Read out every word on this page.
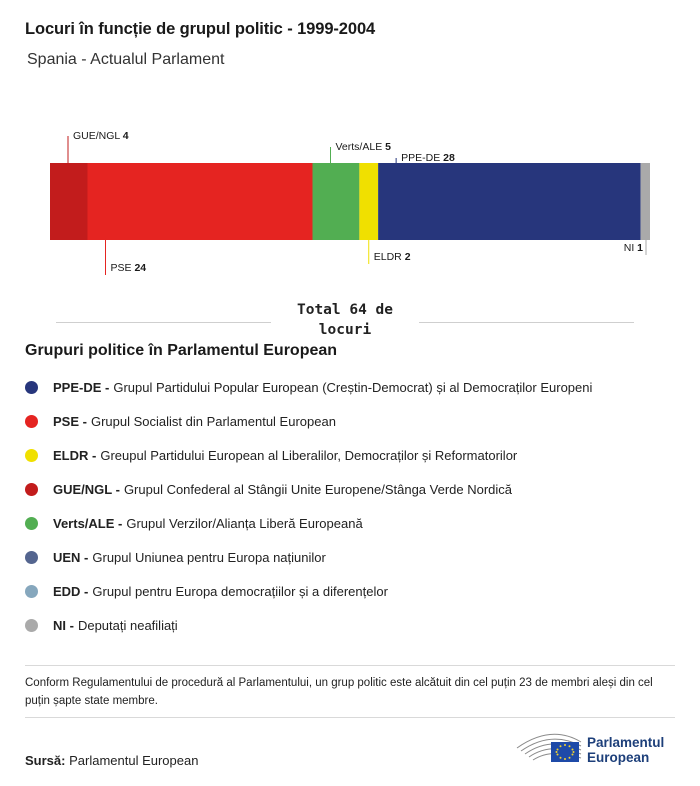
Locuri în funcție de grupul politic - 1999-2004
Spania - Actualul Parlament
GUE/NGL 4
PSE 24
Verts/ALE 5
ELDR 2
PPE-DE 28
NI 1
Total 64 de locuri
Grupuri politice în Parlamentul European
PPE-DE - Grupul Partidului Popular European (Creștin-Democrat) și al Democraților Europeni
PSE - Grupul Socialist din Parlamentul European
ELDR - Greupul Partidului European al Liberalilor, Democraților și Reformatorilor
GUE/NGL - Grupul Confederal al Stângii Unite Europene/Stânga Verde Nordică
Verts/ALE - Grupul Verzilor/Alianța Liberă Europeană
UEN - Grupul Uniunea pentru Europa națiunilor
EDD - Grupul pentru Europa democrațiilor și a diferențelor
NI - Deputați neafiliați
Conform Regulamentului de procedură al Parlamentului, un grup politic este alcătuit din cel puțin 23 de membri aleși din cel puțin șapte state membre.
Sursă: Parlamentul European
Parlamentul
European
